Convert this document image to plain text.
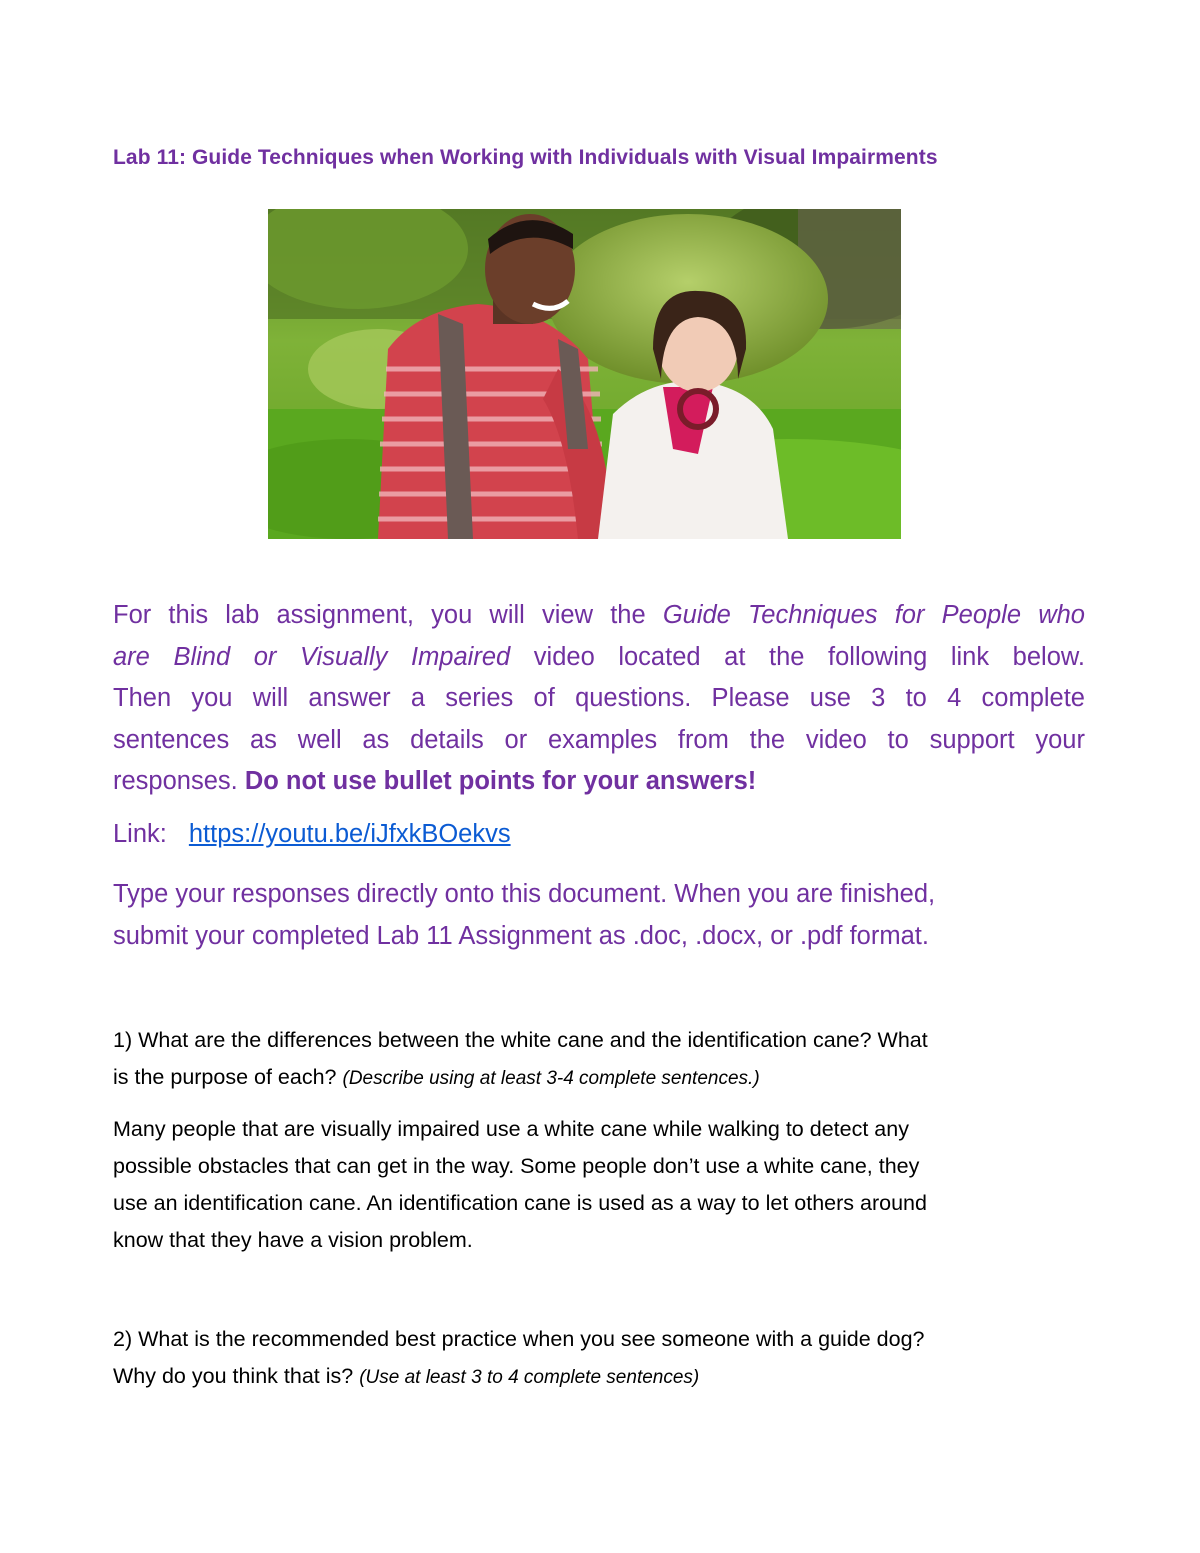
Lab 11: Guide Techniques when Working with Individuals with Visual Impairments
For this lab assignment, you will view the Guide Techniques for People who
are Blind or Visually Impaired video located at the following link below.
Then you will answer a series of questions. Please use 3 to 4 complete
sentences as well as details or examples from the video to support your
responses. Do not use bullet points for your answers!
Link: https://youtu.be/iJfxkBOekvs
Type your responses directly onto this document. When you are finished,
submit your completed Lab 11 Assignment as .doc, .docx, or .pdf format.
1) What are the differences between the white cane and the identification cane? What
is the purpose of each? (Describe using at least 3-4 complete sentences.)
Many people that are visually impaired use a white cane while walking to detect any
possible obstacles that can get in the way. Some people don’t use a white cane, they
use an identification cane. An identification cane is used as a way to let others around
know that they have a vision problem.
2) What is the recommended best practice when you see someone with a guide dog?
Why do you think that is? (Use at least 3 to 4 complete sentences)
